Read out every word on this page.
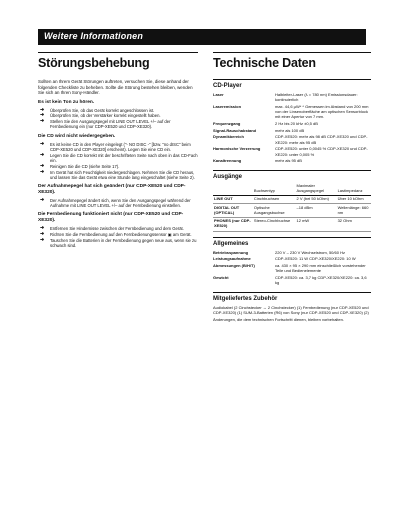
Weitere Informationen
Störungsbehebung

Sollten an Ihrem Gerät Störungen auftreten, versuchen Sie, diese anhand der folgenden Checkliste zu beheben. Sollte die Störung bestehen bleiben, wenden Sie sich an Ihren Sony-Händler.

Es ist kein Ton zu hören.
➜ Überprüfen Sie, ob das Gerät korrekt angeschlossen ist.
➜ Überprüfen Sie, ob der Verstärker korrekt eingestellt haben.
➜ Stellen Sie den Ausgangspegel mit LINE OUT LEVEL +/– auf der Fernbedienung ein (nur CDP-XE520 und CDP-XE320).
Die CD wird nicht wiedergegeben.
➜ Es ist keine CD in den Player eingelegt ("- NO DISC -" [bzw. "no dISC" beim CDP-XE520 und CDP-XE320] erscheint). Legen Sie eine CD ein.
➜ Legen Sie die CD korrekt mit der beschrifteten Seite nach oben in das CD-Fach ein.
➜ Reinigen Sie die CD (siehe Seite 17).
➜ Im Gerät hat sich Feuchtigkeit niedergeschlagen. Nehmen Sie die CD heraus, und lassen Sie das Gerät etwa eine Stunde lang eingeschaltet (siehe Seite 2).
Der Aufnahmepegel hat sich geändert (nur CDP-XE520 und CDP-XE320).
➜ Der Aufnahmepegel ändert sich, wenn Sie den Ausgangspegel während der Aufnahme mit LINE OUT LEVEL +/– auf der Fernbedienung einstellen.
Die Fernbedienung funktioniert nicht (nur CDP-XE520 und CDP-XE320).
➜ Entfernen Sie Hindernisse zwischen der Fernbedienung und dem Gerät.
➜ Richten Sie die Fernbedienung auf den Fernbedienungssensor ▣ am Gerät.
➜ Tauschen Sie die Batterien in der Fernbedienung gegen neue aus, wenn sie zu schwach sind.
Technische Daten
CD-Player
Laser	Halbleiter-Laser (λ = 780 nm) Emissionsdauer: kontinuierlich
Laseremission	max. 44,6 µW* * Gemessen im Abstand von 200 mm von der Linsenoberfläche am optischen Sensorblock mit einer Apertur von 7 mm.
Frequenzgang	2 Hz bis 20 kHz ±0,5 dB
Signal-Rauschabstand	mehr als 100 dB
Dynamikbereich	CDP-XE520: mehr als 98 dB CDP-XE320 und CDP-XE220: mehr als 95 dB
Harmonische Verzerrung	CDP-XE520: unter 0,0045 % CDP-XE320 und CDP-XE220: unter 0,005 %
Kanaltrennung	mehr als 95 dB
Ausgänge
	Buchsentyp	Maximaler Ausgangspegel	Lastimpedanz
LINE OUT	Cinchbuchsen	2 V (bei 50 kOhm)	Über 10 kOhm
DIGITAL OUT (OPTICAL)	Optische Ausgangsbuchse	–18 dBm	Wellenlänge: 660 nm
PHONES (nur CDP-XE520)	Stereo-Cinchbuchse	12 mW	32 Ohm
Allgemeines
Betriebsspannung	220 V – 230 V Wechselstrom, 50/60 Hz
Leistungsaufnahme	CDP-XE520: 11 W CDP-XE320/XE220: 10 W
Abmessungen (B/H/T)	ca. 430 × 95 × 290 mm einschließlich vorstehender Teile und Bedienelemente
Gewicht	CDP-XE520: ca. 3,7 kg CDP-XE320/XE220: ca. 3,6 kg
Mitgeliefertes Zubehör

Audiokabel (2 Cinchstecker ↔ 2 Cinchstecker) (1) Fernbedienung (nur CDP-XE520 und CDP-XE320) (1) SUM-3-Batterien (R6) von Sony (nur CDP-XE520 und CDP-XE320) (2)

Änderungen, die dem technischen Fortschritt dienen, bleiben vorbehalten.
